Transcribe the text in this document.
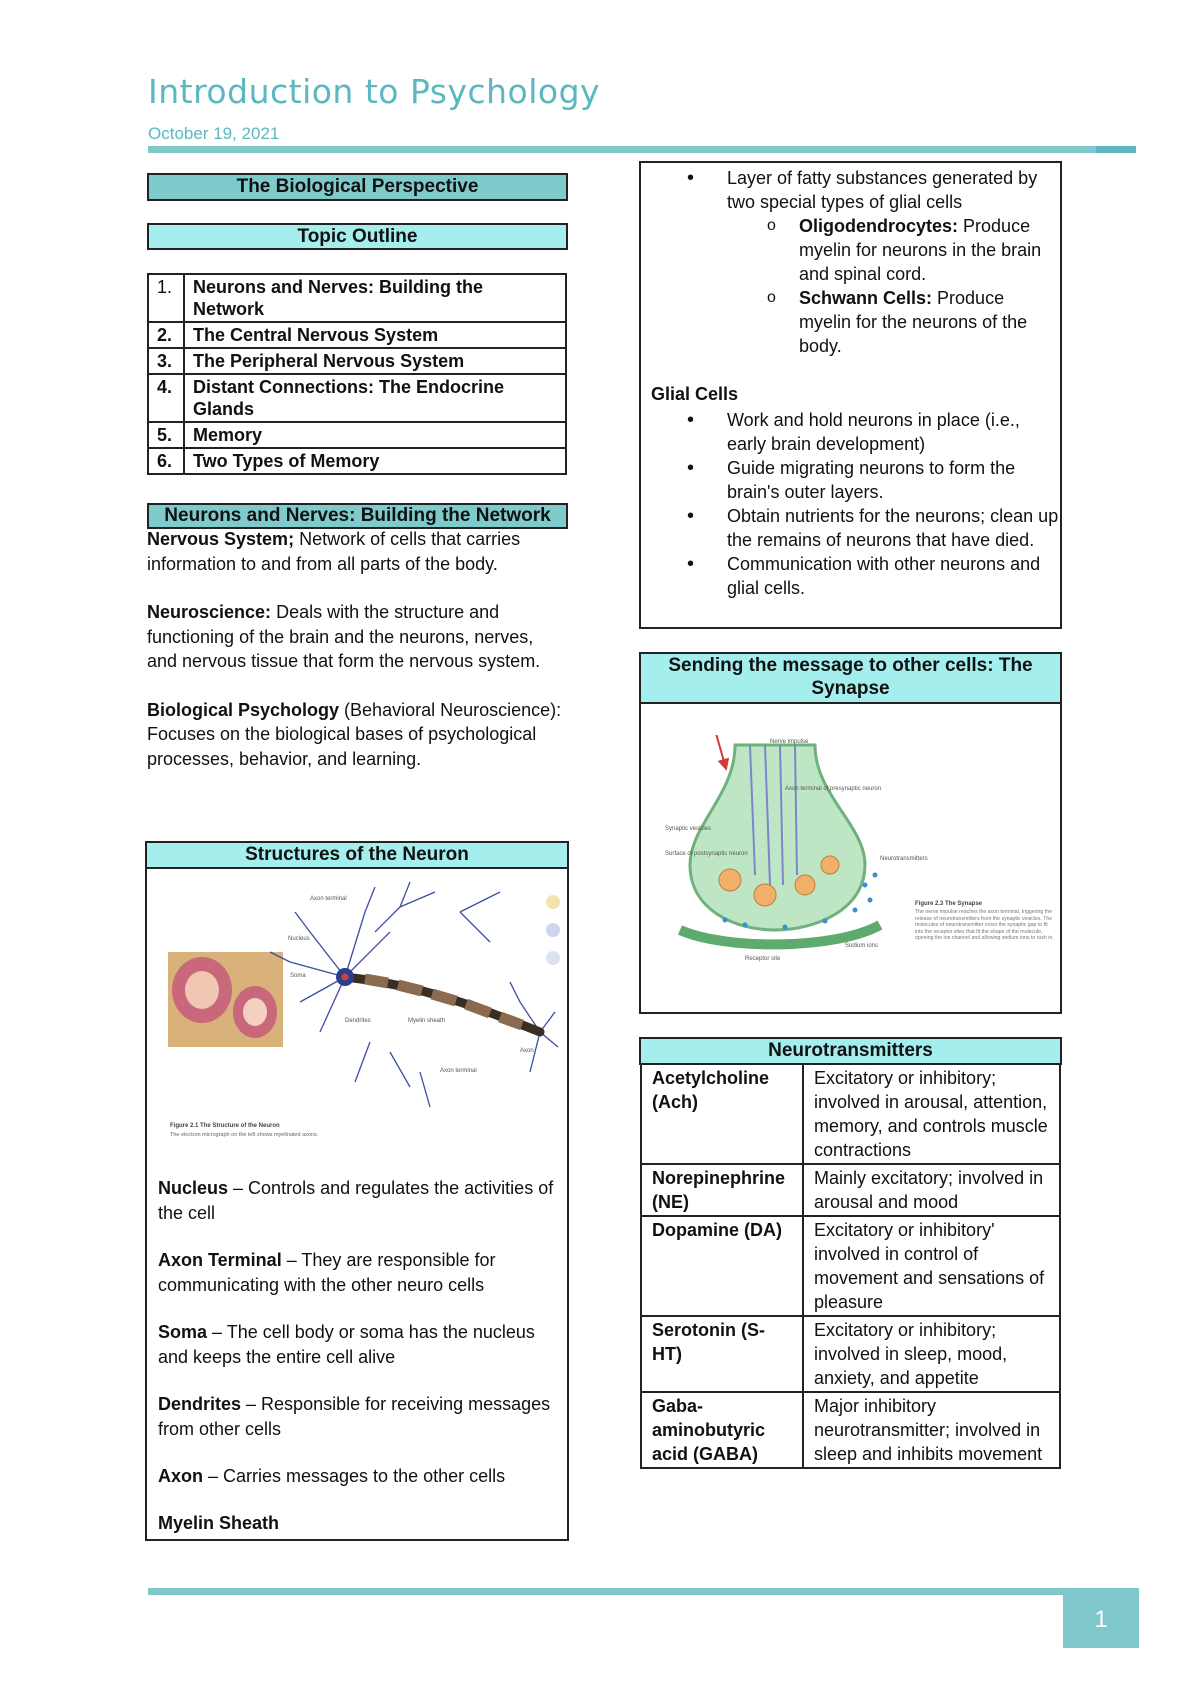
Introduction to Psychology
October 19, 2021
The Biological Perspective
Topic Outline
1.	Neurons and Nerves: Building the Network
2.	The Central Nervous System
3.	The Peripheral Nervous System
4.	Distant Connections: The Endocrine Glands
5.	Memory
6.	Two Types of Memory
Neurons and Nerves: Building the Network
Nervous System; Network of cells that carries information to and from all parts of the body.
Neuroscience: Deals with the structure and functioning of the brain and the neurons, nerves, and nervous tissue that form the nervous system.
Biological Psychology (Behavioral Neuroscience): Focuses on the biological bases of psychological processes, behavior, and learning.
Structures of the Neuron
Axon terminal
Nucleus
Soma
Dendrites	Myelin sheath
Axon
Axon terminal
Figure 2.1 The Structure of the Neuron
The electron micrograph on the left shows myelinated axons.
Nucleus – Controls and regulates the activities of the cell
Axon Terminal – They are responsible for communicating with the other neuro cells
Soma – The cell body or soma has the nucleus and keeps the entire cell alive
Dendrites – Responsible for receiving messages from other cells
Axon – Carries messages to the other cells
Myelin Sheath
• Layer of fatty substances generated by two special types of glial cells
o Oligodendrocytes: Produce myelin for neurons in the brain and spinal cord.
o Schwann Cells: Produce myelin for the neurons of the body.
Glial Cells
• Work and hold neurons in place (i.e., early brain development)
• Guide migrating neurons to form the brain's outer layers.
• Obtain nutrients for the neurons; clean up the remains of neurons that have died.
• Communication with other neurons and glial cells.
Sending the message to other cells: The Synapse
Nerve impulse
Axon terminal of presynaptic neuron
Synaptic vesicles
Surface of postsynaptic neuron
Neurotransmitters
Sodium ions
Receptor site
Figure 2.3 The Synapse
The nerve impulse reaches the axon terminal, triggering the release of neurotransmitters from the synaptic vesicles. The molecules of neurotransmitter cross the synaptic gap to fit into the receptor sites that fit the shape of the molecule, opening the ion channel and allowing sodium ions to rush in.
Neurotransmitters
Acetylcholine (Ach)	Excitatory or inhibitory; involved in arousal, attention, memory, and controls muscle contractions
Norepinephrine (NE)	Mainly excitatory; involved in arousal and mood
Dopamine (DA)	Excitatory or inhibitory' involved in control of movement and sensations of pleasure
Serotonin (S-HT)	Excitatory or inhibitory; involved in sleep, mood, anxiety, and appetite
Gaba-aminobutyric acid (GABA)	Major inhibitory neurotransmitter; involved in sleep and inhibits movement
1
